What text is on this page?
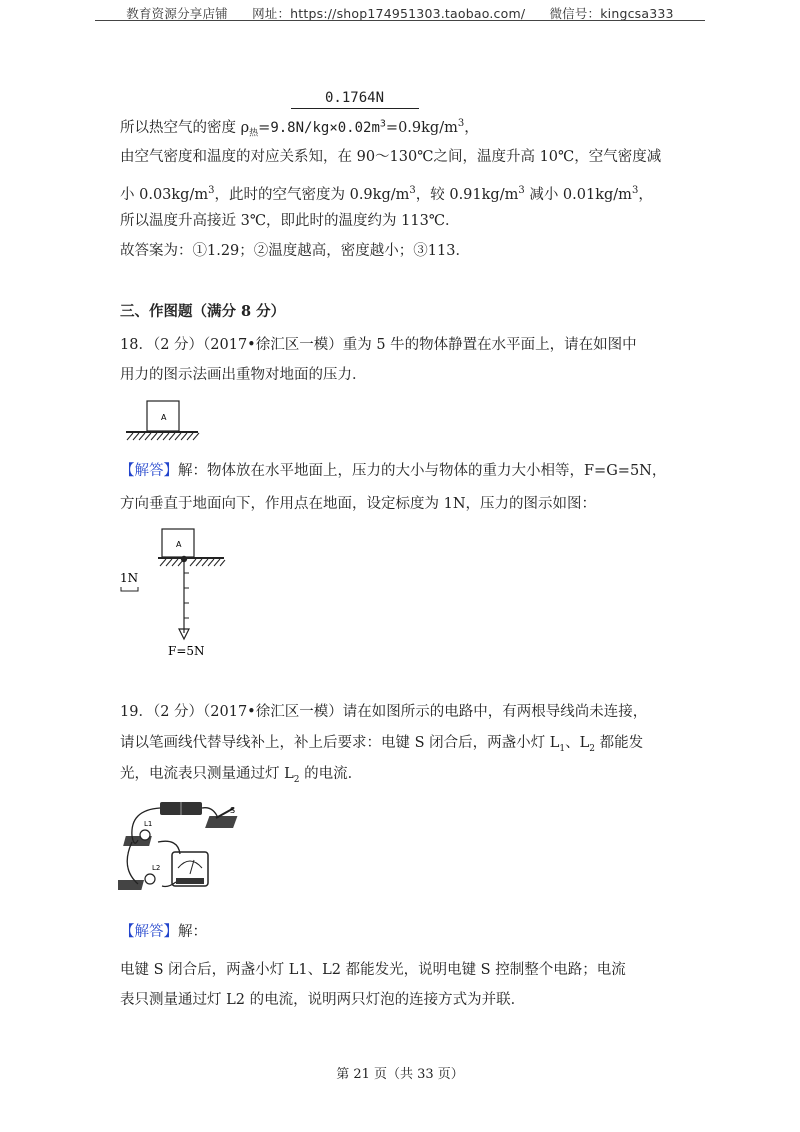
教育资源分享店铺 网址：https://shop174951303.taobao.com/ 微信号：kingcsa333
0.1764N
所以热空气的密度 $\rho_热=9.8N/kg\times 0.02m^3=0.9kg/m^3$，
由空气密度和温度的对应关系知，在 90～130℃之间，温度升高 10℃，空气密度减
小 $0.03kg/m^3$，此时的空气密度为 $0.9kg/m^3$，较 $0.91kg/m^3$ 减小 $0.01kg/m^3$，
所以温度升高接近 3℃，即此时的温度约为 113℃．
故答案为：①1.29；②温度越高，密度越小；③113．
三、作图题（满分 8 分）
18．（2 分）（2017•徐汇区一模）重为 5 牛的物体静置在水平面上，请在如图中
用力的图示法画出重物对地面的压力．
A
【解答】解：物体放在水平地面上，压力的大小与物体的重力大小相等，F=G=5N，
方向垂直于地面向下，作用点在地面，设定标度为 1N，压力的图示如图：
A
1N
F=5N
19．（2 分）（2017•徐汇区一模）请在如图所示的电路中，有两根导线尚未连接，
请以笔画线代替导线补上，补上后要求：电键 S 闭合后，两盏小灯 $L_1$、$L_2$ 都能发
光，电流表只测量通过灯 $L_2$ 的电流．
S
L1
L2
【解答】解：
电键 S 闭合后，两盏小灯 L1、L2 都能发光，说明电键 S 控制整个电路；电流
表只测量通过灯 L2 的电流，说明两只灯泡的连接方式为并联．
第 21 页（共 33 页）
